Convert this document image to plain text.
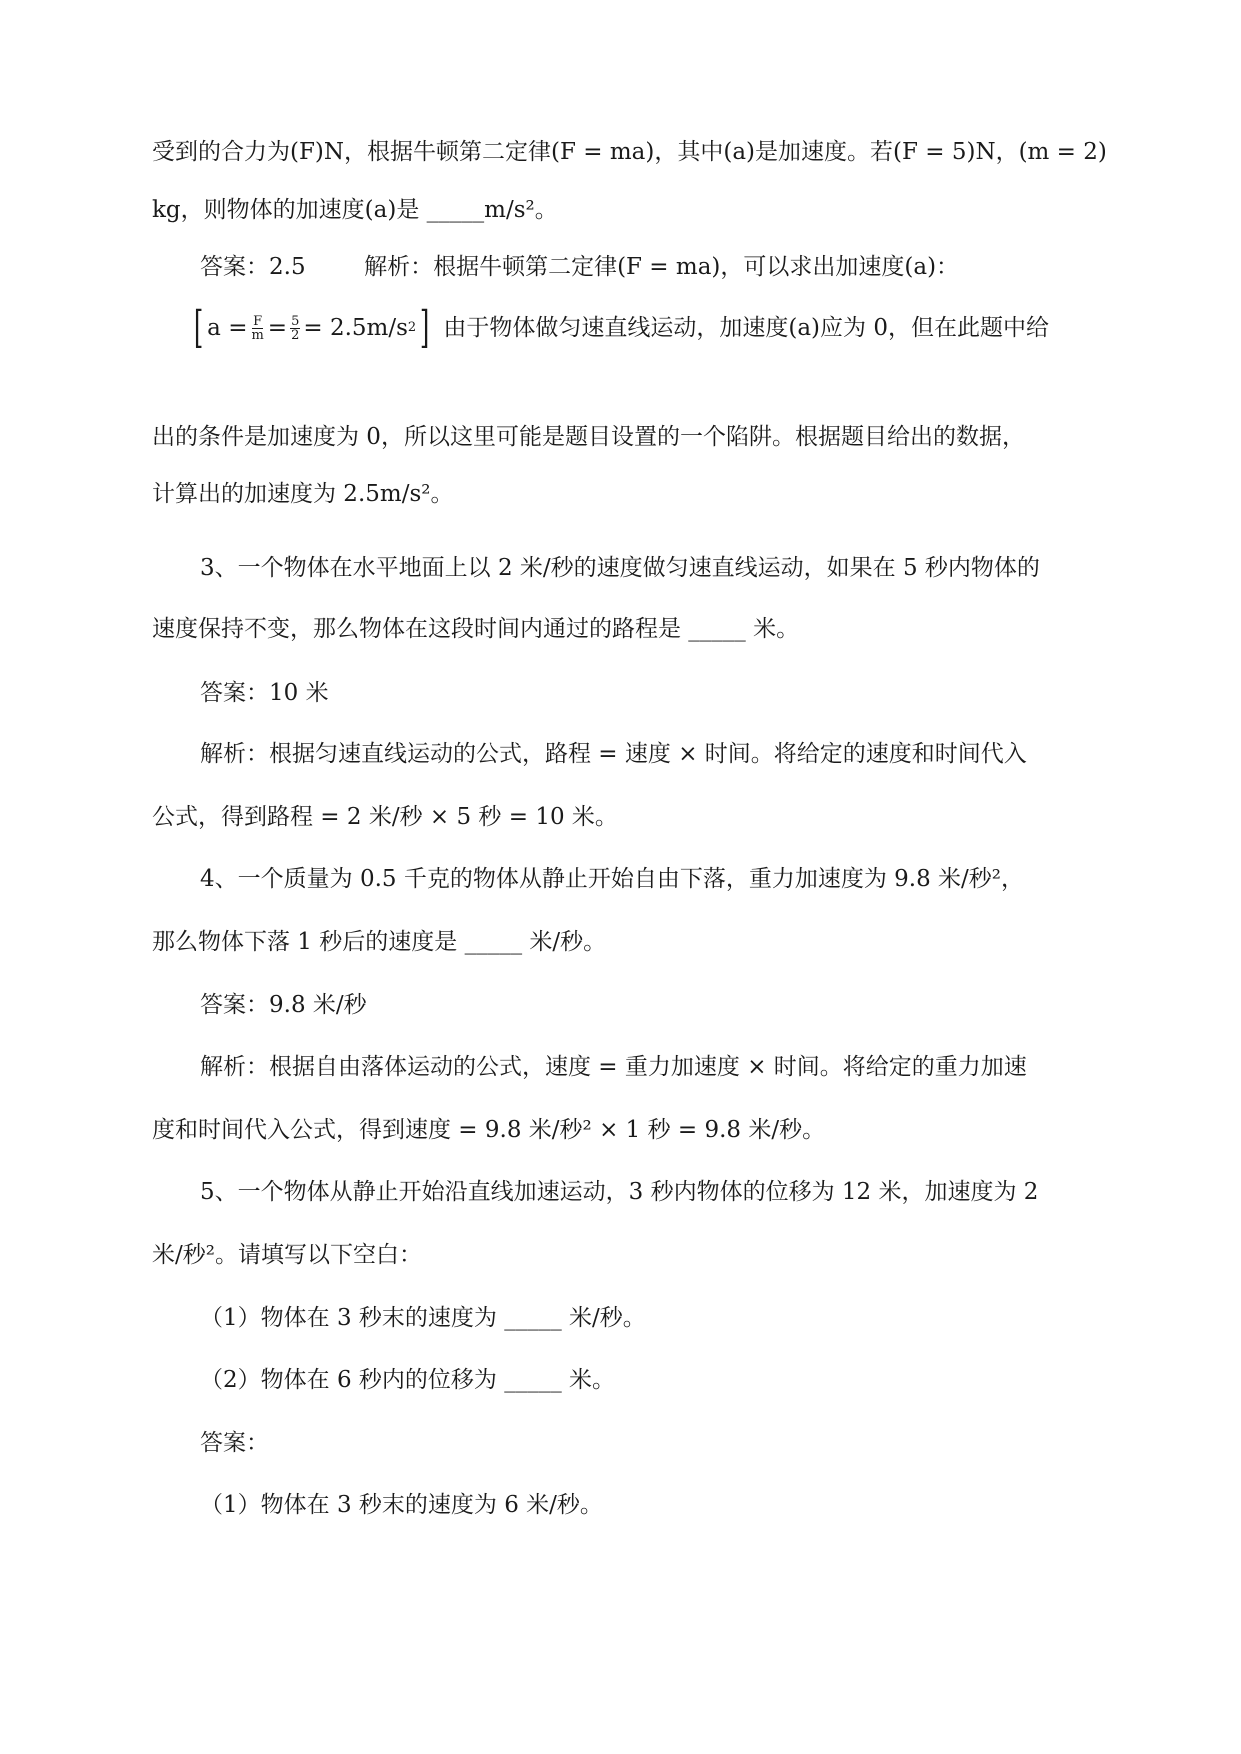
受到的合力为(F)N，根据牛顿第二定律(F = ma)，其中(a)是加速度。若(F = 5)N，(m = 2)
kg，则物体的加速度(a)是 _____m/s²。
答案：2.5        解析：根据牛顿第二定律(F = ma)，可以求出加速度(a)：
[ $a = \frac{F}{m} = \frac{5}{2} = 2.5m/s$ 2 ] 由于物体做匀速直线运动，加速度(a)应为 0，但在此题中给
出的条件是加速度为 0，所以这里可能是题目设置的一个陷阱。根据题目给出的数据，
计算出的加速度为 2.5m/s²。
3、一个物体在水平地面上以 2 米/秒的速度做匀速直线运动，如果在 5 秒内物体的
速度保持不变，那么物体在这段时间内通过的路程是 _____ 米。
答案：10 米
解析：根据匀速直线运动的公式，路程 = 速度 × 时间。将给定的速度和时间代入
公式，得到路程 = 2 米/秒 × 5 秒 = 10 米。
4、一个质量为 0.5 千克的物体从静止开始自由下落，重力加速度为 9.8 米/秒²，
那么物体下落 1 秒后的速度是 _____ 米/秒。
答案：9.8 米/秒
解析：根据自由落体运动的公式，速度 = 重力加速度 × 时间。将给定的重力加速
度和时间代入公式，得到速度 = 9.8 米/秒² × 1 秒 = 9.8 米/秒。
5、一个物体从静止开始沿直线加速运动，3 秒内物体的位移为 12 米，加速度为 2
米/秒²。请填写以下空白：
（1）物体在 3 秒末的速度为 _____ 米/秒。
（2）物体在 6 秒内的位移为 _____ 米。
答案：
（1）物体在 3 秒末的速度为 6 米/秒。
